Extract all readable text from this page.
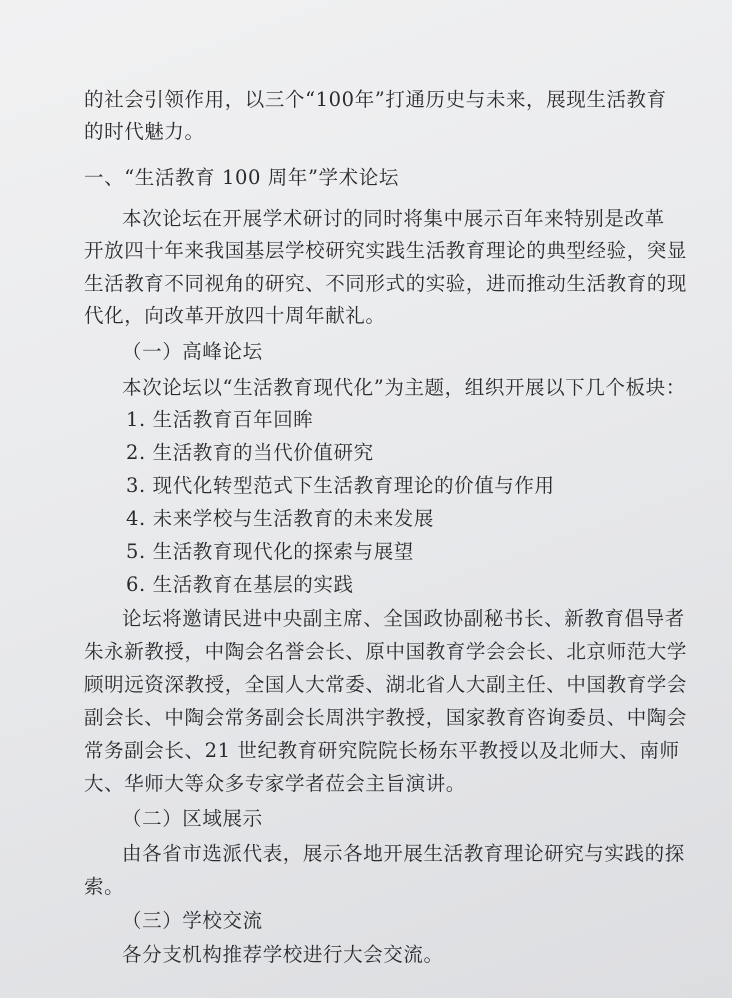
的社会引领作用，以三个“100年”打通历史与未来，展现生活教育
的时代魅力。
一、“生活教育 100 周年”学术论坛
本次论坛在开展学术研讨的同时将集中展示百年来特别是改革
开放四十年来我国基层学校研究实践生活教育理论的典型经验，突显
生活教育不同视角的研究、不同形式的实验，进而推动生活教育的现
代化，向改革开放四十周年献礼。
（一）高峰论坛
本次论坛以“生活教育现代化”为主题，组织开展以下几个板块：
1. 生活教育百年回眸
2. 生活教育的当代价值研究
3. 现代化转型范式下生活教育理论的价值与作用
4. 未来学校与生活教育的未来发展
5. 生活教育现代化的探索与展望
6. 生活教育在基层的实践
论坛将邀请民进中央副主席、全国政协副秘书长、新教育倡导者
朱永新教授，中陶会名誉会长、原中国教育学会会长、北京师范大学
顾明远资深教授，全国人大常委、湖北省人大副主任、中国教育学会
副会长、中陶会常务副会长周洪宇教授，国家教育咨询委员、中陶会
常务副会长、21 世纪教育研究院院长杨东平教授以及北师大、南师
大、华师大等众多专家学者莅会主旨演讲。
（二）区域展示
由各省市选派代表，展示各地开展生活教育理论研究与实践的探
索。
（三）学校交流
各分支机构推荐学校进行大会交流。
